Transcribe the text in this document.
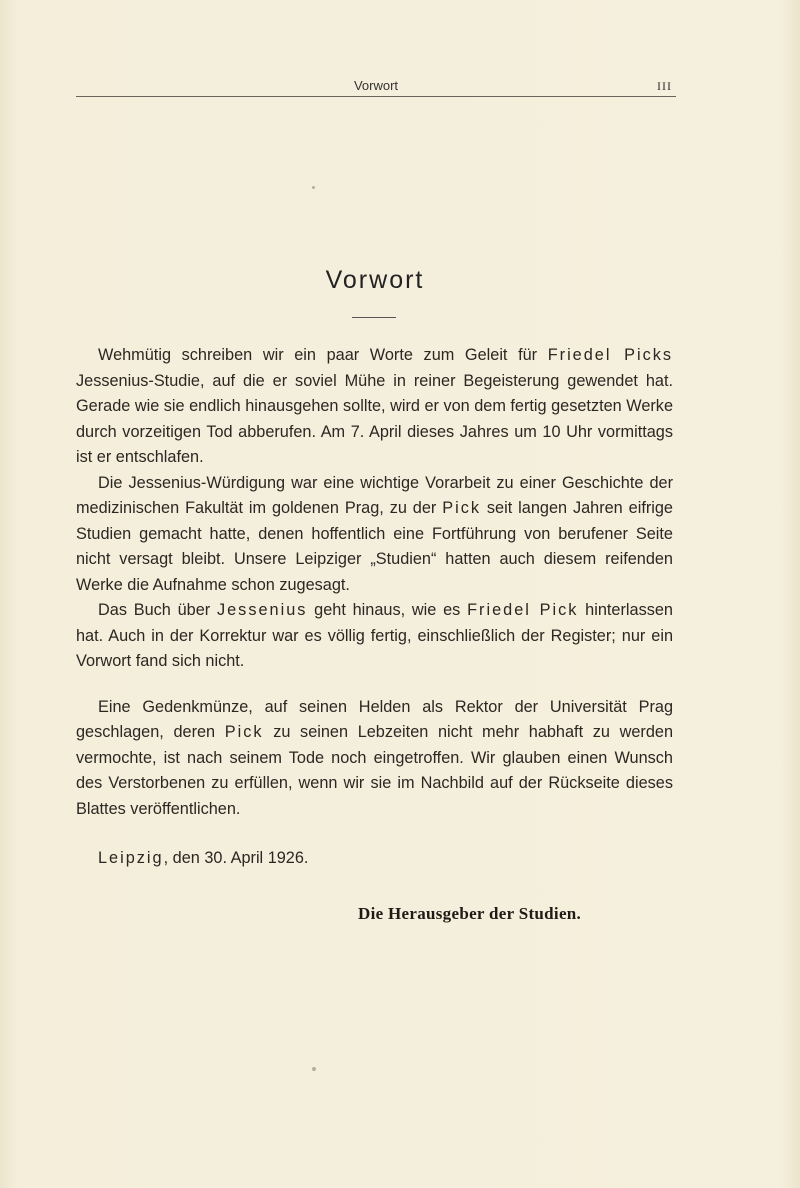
Vorwort	III
Vorwort

Wehmütig schreiben wir ein paar Worte zum Geleit für Friedel Picks Jessenius-Studie, auf die er soviel Mühe in reiner Begeisterung gewendet hat. Gerade wie sie endlich hinausgehen sollte, wird er von dem fertig gesetzten Werke durch vorzeitigen Tod abberufen. Am 7. April dieses Jahres um 10 Uhr vormittags ist er entschlafen.

Die Jessenius-Würdigung war eine wichtige Vorarbeit zu einer Geschichte der medizinischen Fakultät im goldenen Prag, zu der Pick seit langen Jahren eifrige Studien gemacht hatte, denen hoffentlich eine Fortführung von berufener Seite nicht versagt bleibt. Unsere Leipziger „Studien“ hatten auch diesem reifenden Werke die Aufnahme schon zugesagt.

Das Buch über Jessenius geht hinaus, wie es Friedel Pick hinterlassen hat. Auch in der Korrektur war es völlig fertig, einschließlich der Register; nur ein Vorwort fand sich nicht.

Eine Gedenkmünze, auf seinen Helden als Rektor der Universität Prag geschlagen, deren Pick zu seinen Lebzeiten nicht mehr habhaft zu werden vermochte, ist nach seinem Tode noch eingetroffen. Wir glauben einen Wunsch des Verstorbenen zu erfüllen, wenn wir sie im Nachbild auf der Rückseite dieses Blattes veröffentlichen.

Leipzig, den 30. April 1926.
Die Herausgeber der Studien.
